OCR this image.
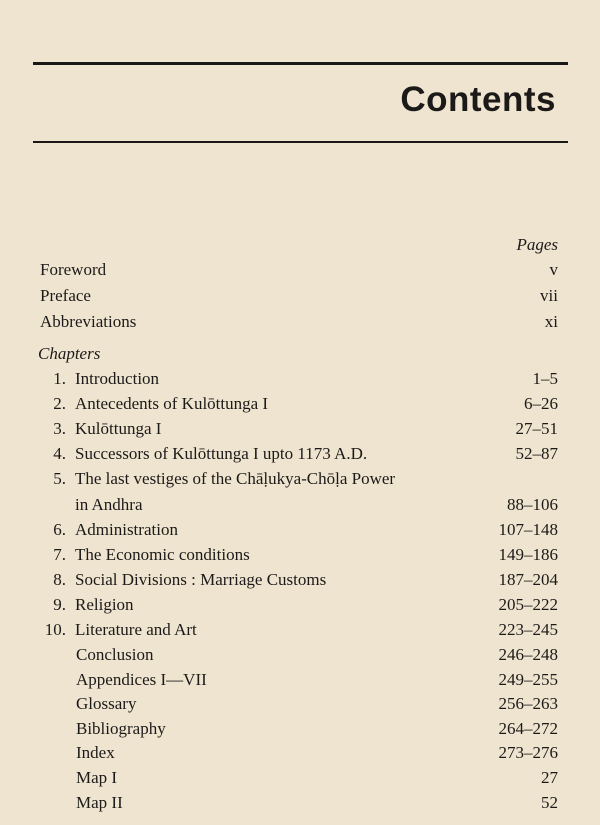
Contents
Pages
Foreword	v
Preface	vii
Abbreviations	xi
Chapters
1. Introduction	1–5
2. Antecedents of Kulōttunga I	6–26
3. Kulōttunga I	27–51
4. Successors of Kulōttunga I upto 1173 A.D.	52–87
5. The last vestiges of the Chāḷukya-Chōḷa Power
in Andhra	88–106
6. Administration	107–148
7. The Economic conditions	149–186
8. Social Divisions : Marriage Customs	187–204
9. Religion	205–222
10. Literature and Art	223–245
Conclusion	246–248
Appendices I—VII	249–255
Glossary	256–263
Bibliography	264–272
Index	273–276
Map I	27
Map II	52
